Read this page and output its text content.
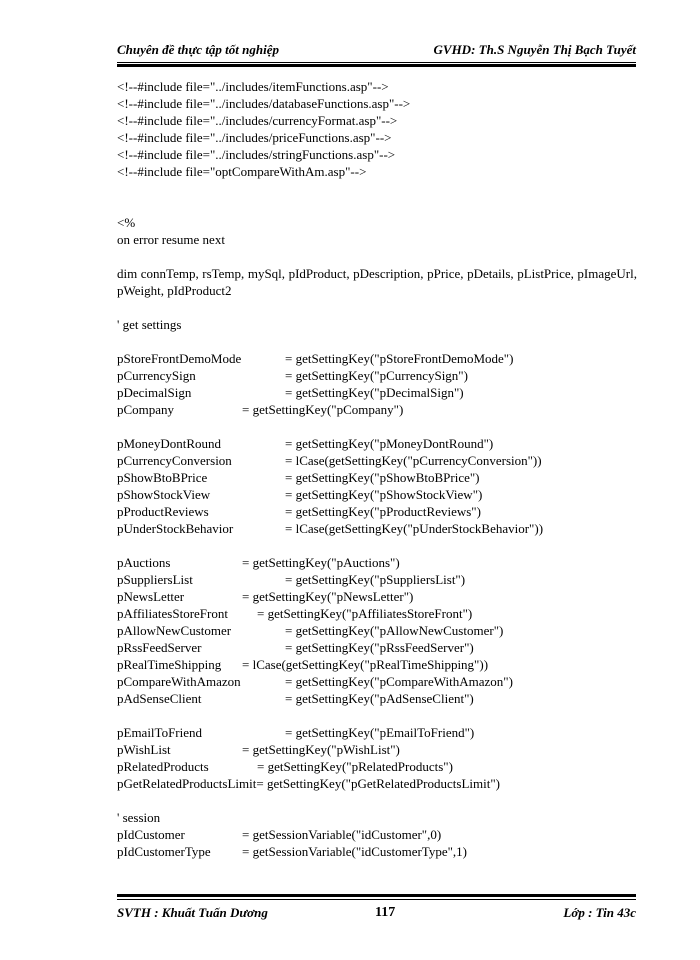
Chuyên đề thực tập tốt nghiệp	GVHD: Th.S Nguyễn Thị Bạch Tuyết
<!--#include file="../includes/itemFunctions.asp"-->
<!--#include file="../includes/databaseFunctions.asp"-->
<!--#include file="../includes/currencyFormat.asp"-->
<!--#include file="../includes/priceFunctions.asp"-->
<!--#include file="../includes/stringFunctions.asp"-->
<!--#include file="optCompareWithAm.asp"-->
<%
on error resume next
dim connTemp, rsTemp, mySql, pIdProduct, pDescription, pPrice, pDetails, pListPrice, pImageUrl, pWeight, pIdProduct2
' get settings
pStoreFrontDemoMode	= getSettingKey("pStoreFrontDemoMode")
pCurrencySign	= getSettingKey("pCurrencySign")
pDecimalSign	= getSettingKey("pDecimalSign")
pCompany	= getSettingKey("pCompany")
pMoneyDontRound	= getSettingKey("pMoneyDontRound")
pCurrencyConversion	= lCase(getSettingKey("pCurrencyConversion"))
pShowBtoBPrice	= getSettingKey("pShowBtoBPrice")
pShowStockView	= getSettingKey("pShowStockView")
pProductReviews	= getSettingKey("pProductReviews")
pUnderStockBehavior	= lCase(getSettingKey("pUnderStockBehavior"))
pAuctions	= getSettingKey("pAuctions")
pSuppliersList	= getSettingKey("pSuppliersList")
pNewsLetter	= getSettingKey("pNewsLetter")
pAffiliatesStoreFront = getSettingKey("pAffiliatesStoreFront")
pAllowNewCustomer	= getSettingKey("pAllowNewCustomer")
pRssFeedServer	= getSettingKey("pRssFeedServer")
pRealTimeShipping = lCase(getSettingKey("pRealTimeShipping"))
pCompareWithAmazon	= getSettingKey("pCompareWithAmazon")
pAdSenseClient	= getSettingKey("pAdSenseClient")
pEmailToFriend	= getSettingKey("pEmailToFriend")
pWishList	= getSettingKey("pWishList")
pRelatedProducts	= getSettingKey("pRelatedProducts")
pGetRelatedProductsLimit= getSettingKey("pGetRelatedProductsLimit")
' session
pIdCustomer	= getSessionVariable("idCustomer",0)
pIdCustomerType = getSessionVariable("idCustomerType",1)
SVTH : Khuất Tuấn Dương	117	Lớp : Tin 43c
